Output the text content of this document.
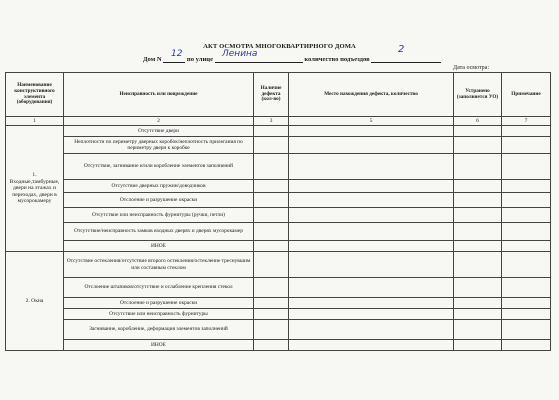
АКТ ОСМОТРА МНОГОКВАРТИРНОГО ДОМА
Дом N	по улице	количество подъездов
12	Ленина	2
Дата осмотра:
Наименование конструктивного элемента (оборудования)	Неисправность или повреждение	Наличие дефекта (кол-во)	Место нахождения дефекта, количество	Устранено (заполняется УО)	Примечание
1	2	3	5	6	7
1. Входные,тамбурные, двери на этажах и переходах, двери в мусорокамеру	Отсутствие двери				
	Неплотности по периметру дверных коробок/неплотность прилегания по периметру двери к коробке				
	Отсутствие, загнивание и/или коробление элементов заполнений				
	Отсутствие дверных пружин/доводчиков				
	Отслоение и разрушение окраски				
	Отсутствие или неисправность фурнитуры (ручки, петли)				
	Отсутствие/неисправность замков входных дверях и дверях мусорокамер				
	ИНОЕ				
2. Окна	Отсутствие остекления/отсутствие второго остекления/остекление треснувшим или составным стеклом				
	Отслоение штапиков/отсутствие и ослабление крепления стекол				
	Отслоение и разрушение окраски				
	Отсутствие или неисправность фурнитуры				
	Загнивание, коробление, деформация элементов заполнений				
	ИНОЕ				
